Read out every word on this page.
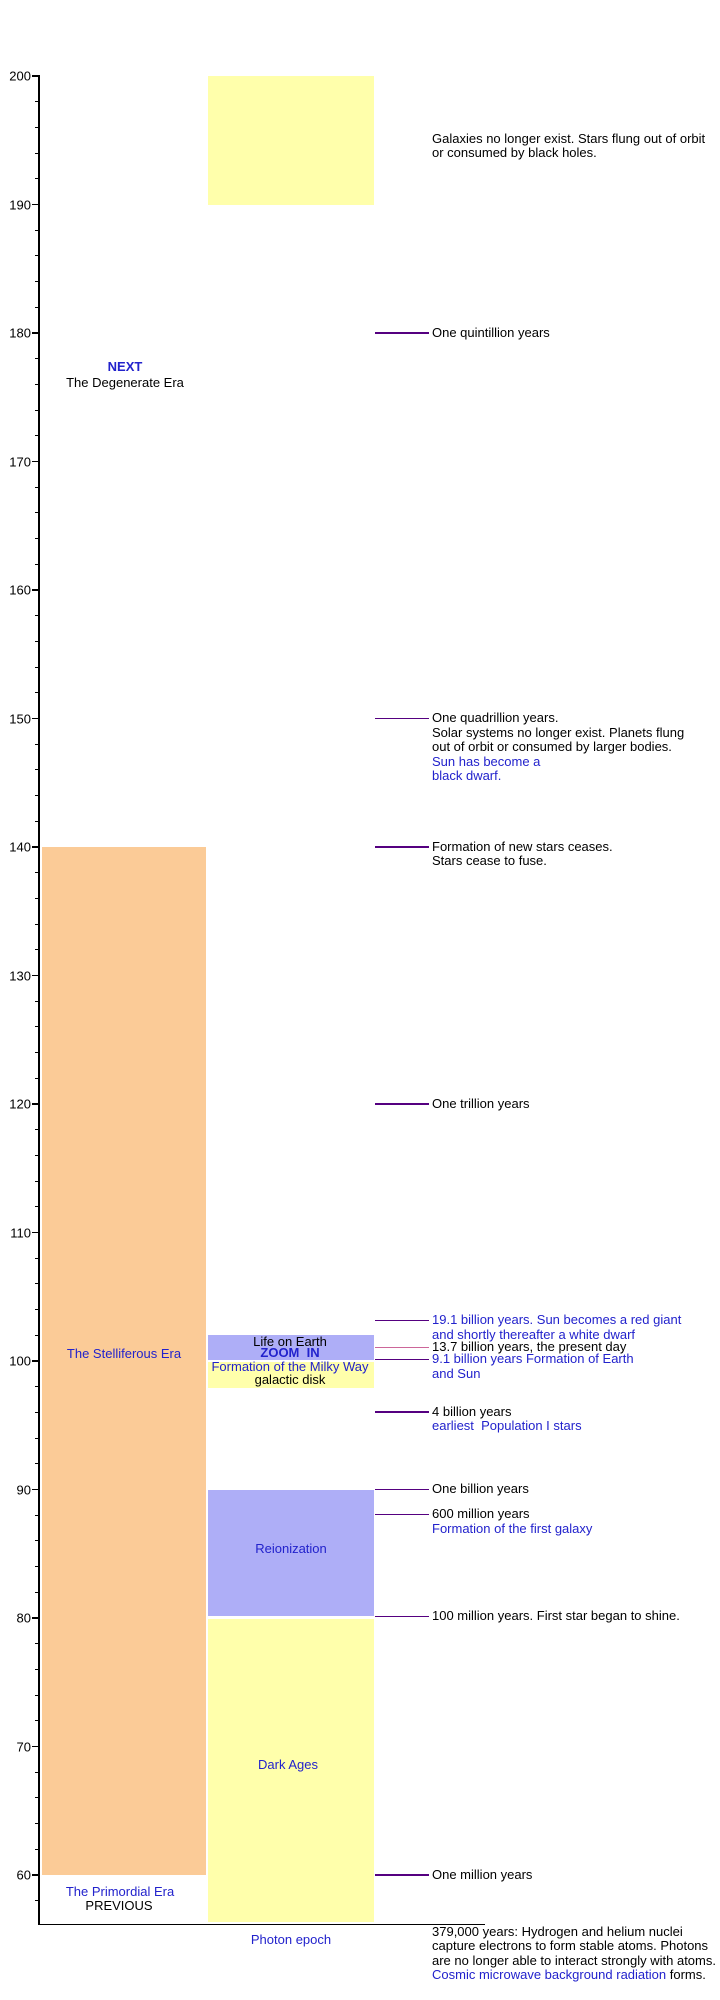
200
190
180
170
160
150
140
130
120
110
100
90
80
70
60
NEXT
The Degenerate Era
The Stelliferous Era
Life on Earth
ZOOM  IN
Formation of the Milky Way
galactic disk
Reionization
Dark Ages
The Primordial Era
PREVIOUS
Photon epoch
Galaxies no longer exist. Stars flung out of orbit
or consumed by black holes.
One quintillion years
One quadrillion years.
Solar systems no longer exist. Planets flung
out of orbit or consumed by larger bodies.
Sun has become a
black dwarf.
Formation of new stars ceases.
Stars cease to fuse.
One trillion years
19.1 billion years. Sun becomes a red giant
and shortly thereafter a white dwarf
13.7 billion years, the present day
9.1 billion years Formation of Earth
and Sun
4 billion years
earliest  Population I stars
One billion years
600 million years
Formation of the first galaxy
100 million years. First star began to shine.
One million years
379,000 years: Hydrogen and helium nuclei
capture electrons to form stable atoms. Photons
are no longer able to interact strongly with atoms.
Cosmic microwave background radiation forms.
